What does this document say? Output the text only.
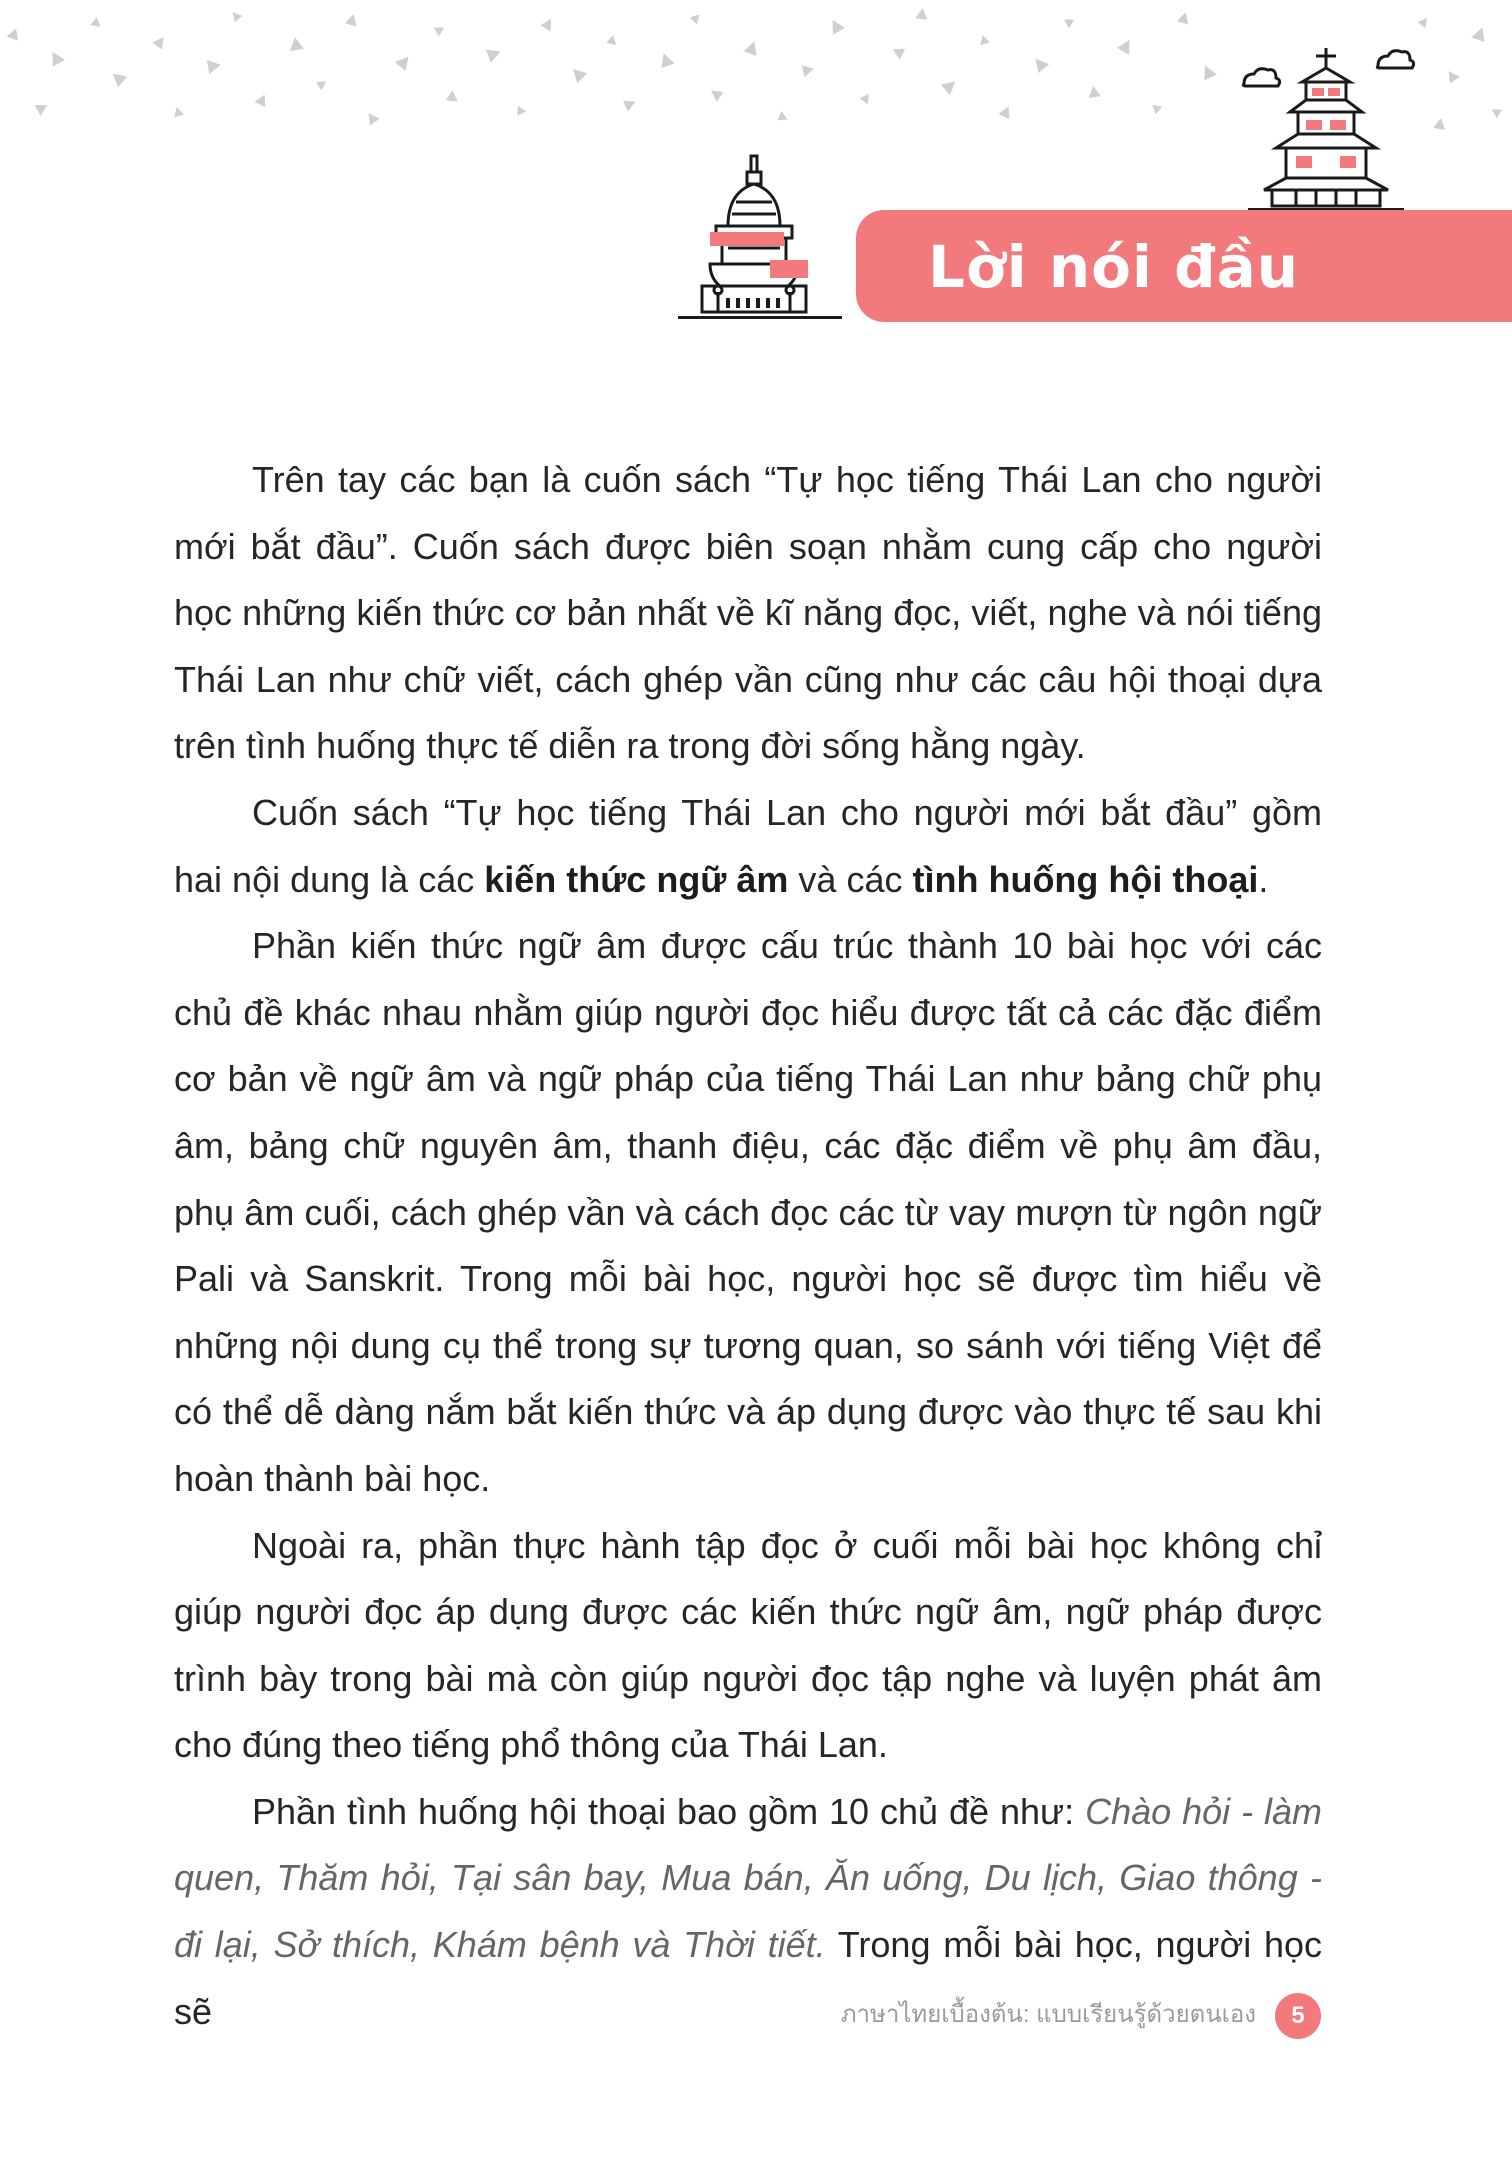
Lời nói đầu

Trên tay các bạn là cuốn sách “Tự học tiếng Thái Lan cho người mới bắt đầu”. Cuốn sách được biên soạn nhằm cung cấp cho người học những kiến thức cơ bản nhất về kĩ năng đọc, viết, nghe và nói tiếng Thái Lan như chữ viết, cách ghép vần cũng như các câu hội thoại dựa trên tình huống thực tế diễn ra trong đời sống hằng ngày.

Cuốn sách “Tự học tiếng Thái Lan cho người mới bắt đầu” gồm hai nội dung là các kiến thức ngữ âm và các tình huống hội thoại.

Phần kiến thức ngữ âm được cấu trúc thành 10 bài học với các chủ đề khác nhau nhằm giúp người đọc hiểu được tất cả các đặc điểm cơ bản về ngữ âm và ngữ pháp của tiếng Thái Lan như bảng chữ phụ âm, bảng chữ nguyên âm, thanh điệu, các đặc điểm về phụ âm đầu, phụ âm cuối, cách ghép vần và cách đọc các từ vay mượn từ ngôn ngữ Pali và Sanskrit. Trong mỗi bài học, người học sẽ được tìm hiểu về những nội dung cụ thể trong sự tương quan, so sánh với tiếng Việt để có thể dễ dàng nắm bắt kiến thức và áp dụng được vào thực tế sau khi hoàn thành bài học.

Ngoài ra, phần thực hành tập đọc ở cuối mỗi bài học không chỉ giúp người đọc áp dụng được các kiến thức ngữ âm, ngữ pháp được trình bày trong bài mà còn giúp người đọc tập nghe và luyện phát âm cho đúng theo tiếng phổ thông của Thái Lan.

Phần tình huống hội thoại bao gồm 10 chủ đề như: Chào hỏi - làm quen, Thăm hỏi, Tại sân bay, Mua bán, Ăn uống, Du lịch, Giao thông - đi lại, Sở thích, Khám bệnh và Thời tiết. Trong mỗi bài học, người học sẽ	ภาษาไทยเบื้องต้น: แบบเรียนรู้ด้วยตนเอง	5
